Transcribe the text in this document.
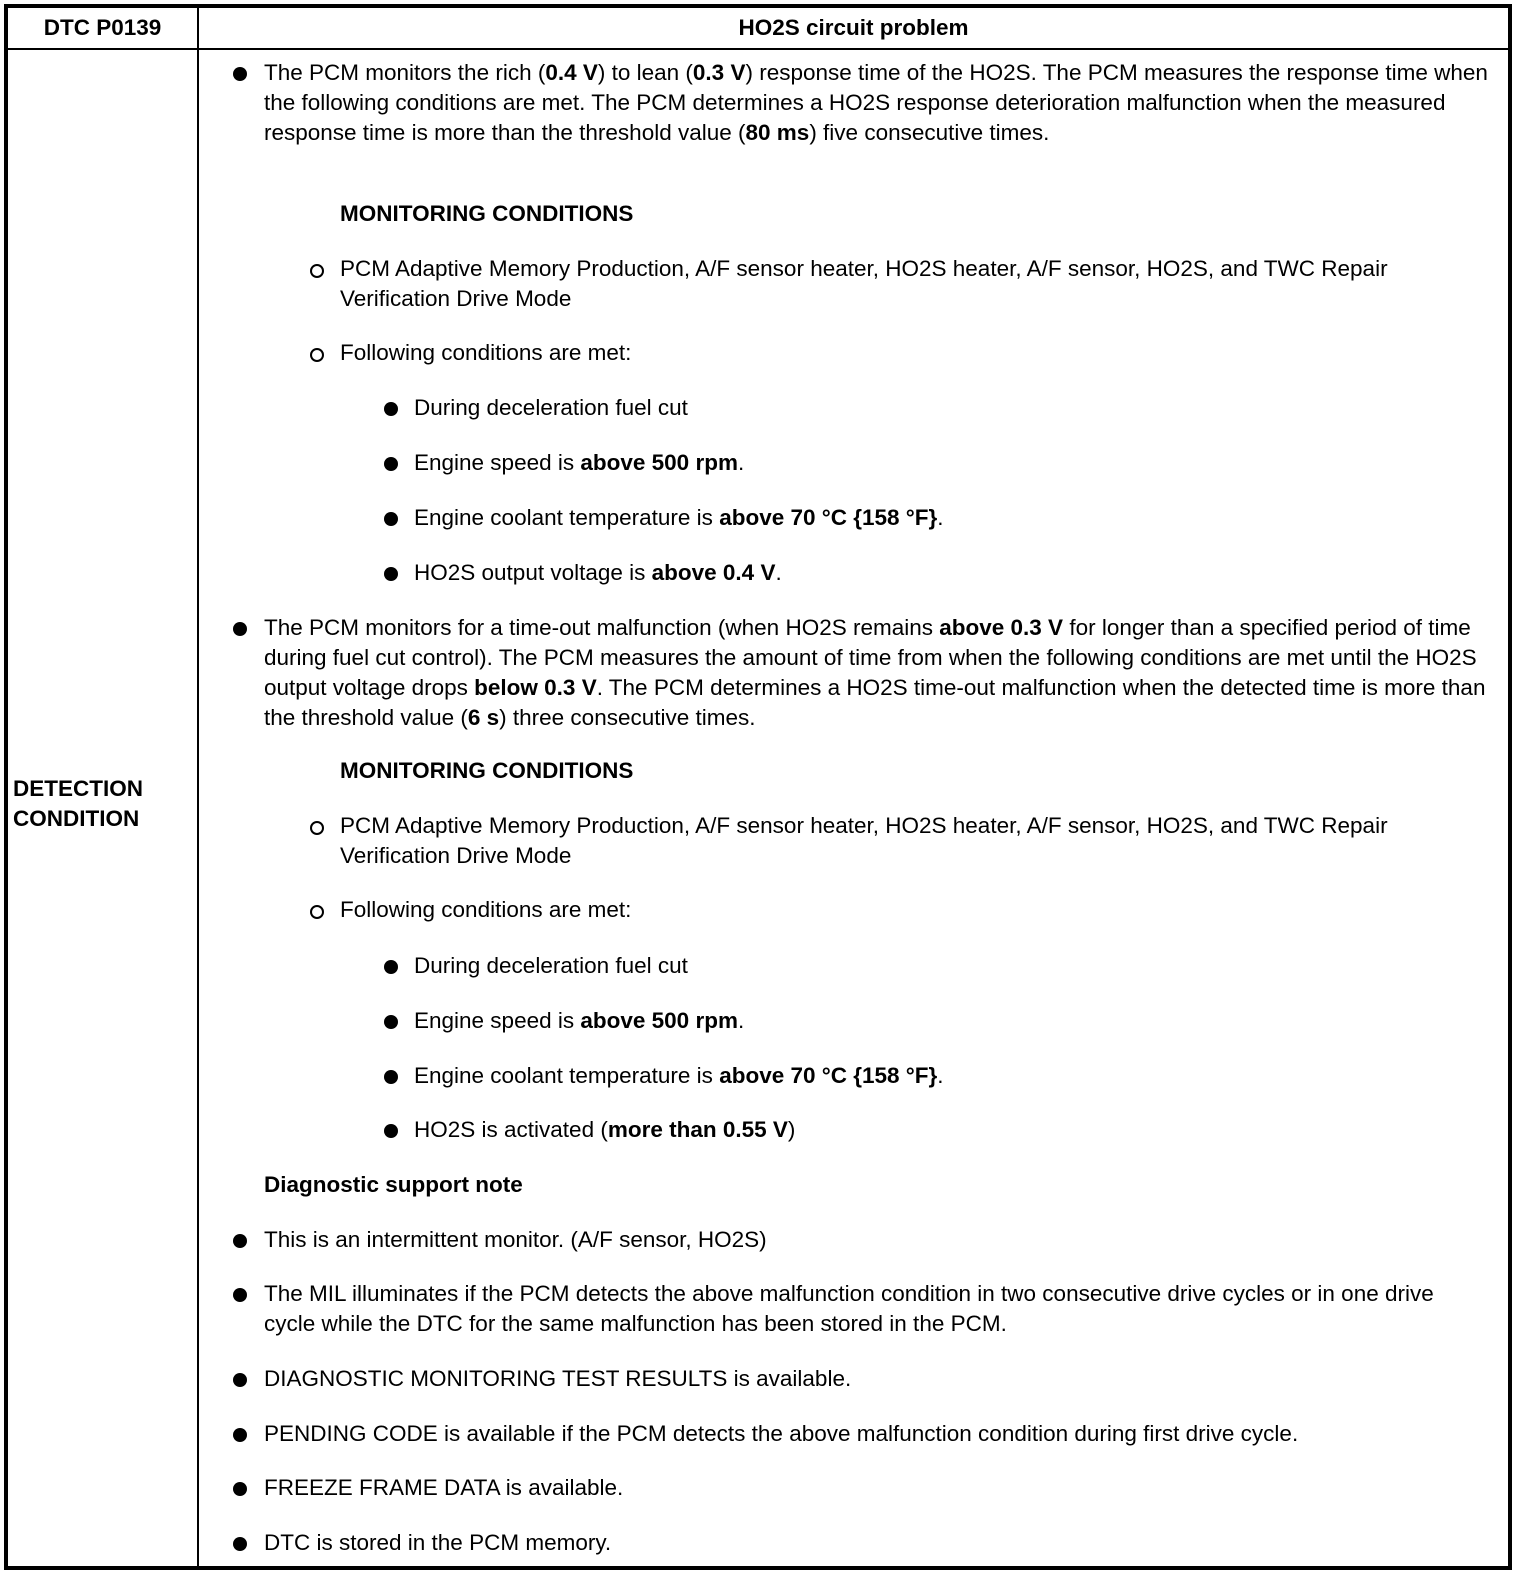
DTC P0139	HO2S circuit problem
DETECTION
CONDITION

The PCM monitors the rich (0.4 V) to lean (0.3 V) response time of the HO2S. The PCM measures the response time when the following conditions are met. The PCM determines a HO2S response deterioration malfunction when the measured response time is more than the threshold value (80 ms) five consecutive times.

MONITORING CONDITIONS

PCM Adaptive Memory Production, A/F sensor heater, HO2S heater, A/F sensor, HO2S, and TWC Repair Verification Drive Mode

Following conditions are met:

During deceleration fuel cut

Engine speed is above 500 rpm.

Engine coolant temperature is above 70 °C {158 °F}.

HO2S output voltage is above 0.4 V.

The PCM monitors for a time-out malfunction (when HO2S remains above 0.3 V for longer than a specified period of time during fuel cut control). The PCM measures the amount of time from when the following conditions are met until the HO2S output voltage drops below 0.3 V. The PCM determines a HO2S time-out malfunction when the detected time is more than the threshold value (6 s) three consecutive times.

MONITORING CONDITIONS

PCM Adaptive Memory Production, A/F sensor heater, HO2S heater, A/F sensor, HO2S, and TWC Repair Verification Drive Mode

Following conditions are met:

During deceleration fuel cut

Engine speed is above 500 rpm.

Engine coolant temperature is above 70 °C {158 °F}.

HO2S is activated (more than 0.55 V)

Diagnostic support note

This is an intermittent monitor. (A/F sensor, HO2S)

The MIL illuminates if the PCM detects the above malfunction condition in two consecutive drive cycles or in one drive cycle while the DTC for the same malfunction has been stored in the PCM.

DIAGNOSTIC MONITORING TEST RESULTS is available.

PENDING CODE is available if the PCM detects the above malfunction condition during first drive cycle.

FREEZE FRAME DATA is available.

DTC is stored in the PCM memory.
